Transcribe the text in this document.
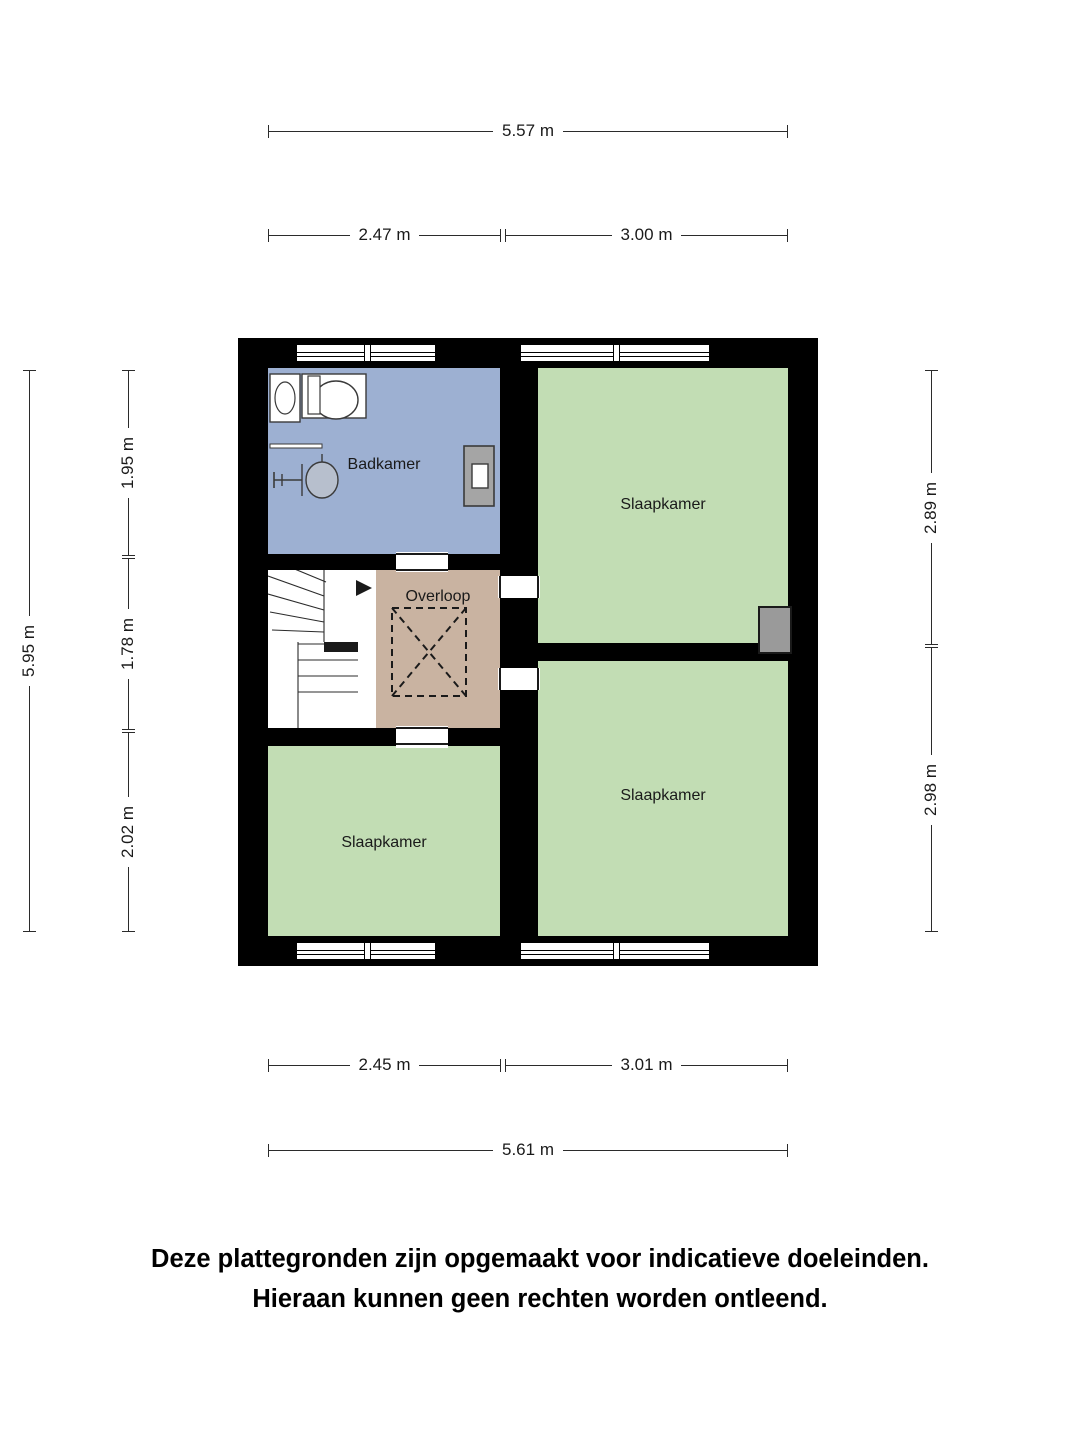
5.57 m
2.47 m	3.00 m
5.95 m
1.95 m
1.78 m
2.02 m
2.89 m
2.98 m
Badkamer
Slaapkamer
Overloop
Slaapkamer
Slaapkamer
2.45 m	3.01 m
5.61 m
Deze plattegronden zijn opgemaakt voor indicatieve doeleinden.
Hieraan kunnen geen rechten worden ontleend.
